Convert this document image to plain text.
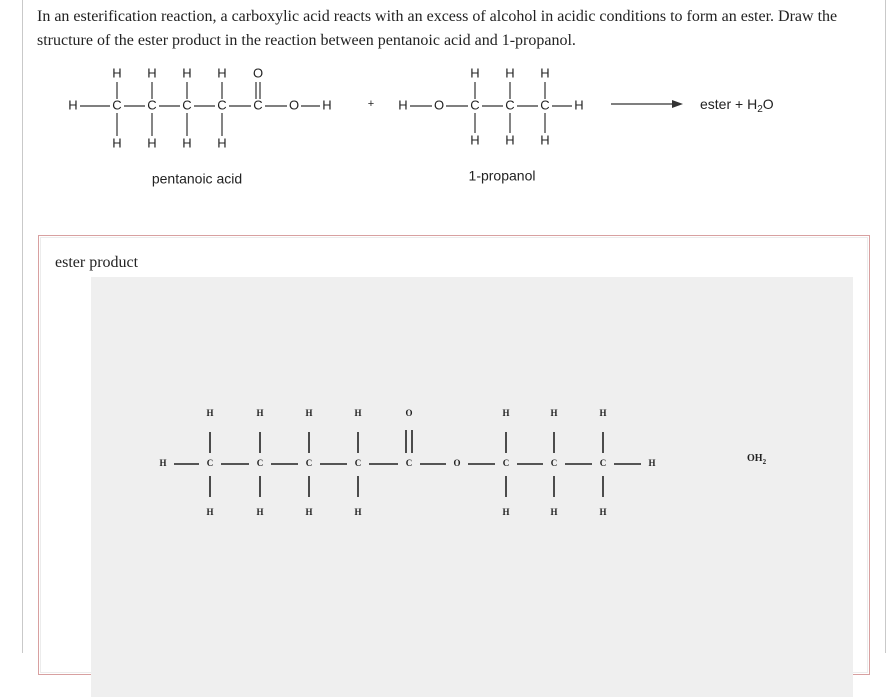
In an esterification reaction, a carboxylic acid reacts with an excess of alcohol in acidic conditions to form an ester. Draw the structure of the ester product in the reaction between pentanoic acid and 1-propanol.

H H H H O
H	C C C C C O H
H H H H
+
H H H
H O C C C H
H H H
pentanoic acid	1-propanol
ester + $H_2O$
ester product
H	H	H	H	O	H	H	H
H	C	C	C	C	C	O	C	C	C	H
H	H	H	H	H	H	H
$OH_2$
